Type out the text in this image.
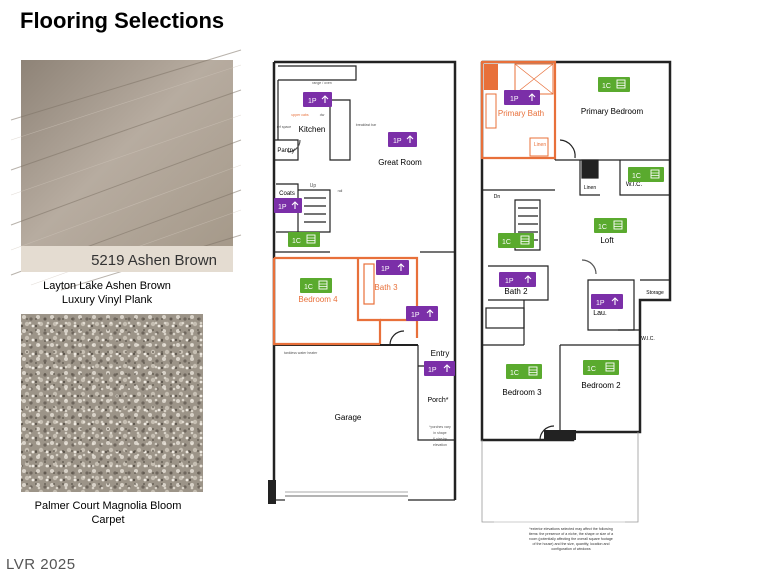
Flooring Selections
5219 Ashen Brown
Layton Lake Ashen Brown
Luxury Vinyl Plank
Palmer Court Magnolia Bloom
Carpet
Kitchen
Great Room
Pantry
Coats
Bedroom 4
Bath 3
Entry
Garage
Porch*
range / oven
upper cabs	dw
ref space	breakfast bar
Up
rail
tankless water heater
*porches vary
in shape
& size by
elevation
1P
1P
1P
1P
1P
1P
1C
1C
Primary Bath	Primary Bedroom
Linen
Linen	W.I.C.
Loft
Dn
Bath 2
Lau.
Storage
W.I.C.
Bedroom 3
Bedroom 2
*exterior elevations selected may affect the following
items: the presence of a niche, the shape or size of a
room (potentially affecting the overall square footage
of the house) and the size, quantity, location and
configuration of windows
1P
1P
1P
1C
1C
1C
1C
1C
1C
LVR 2025
